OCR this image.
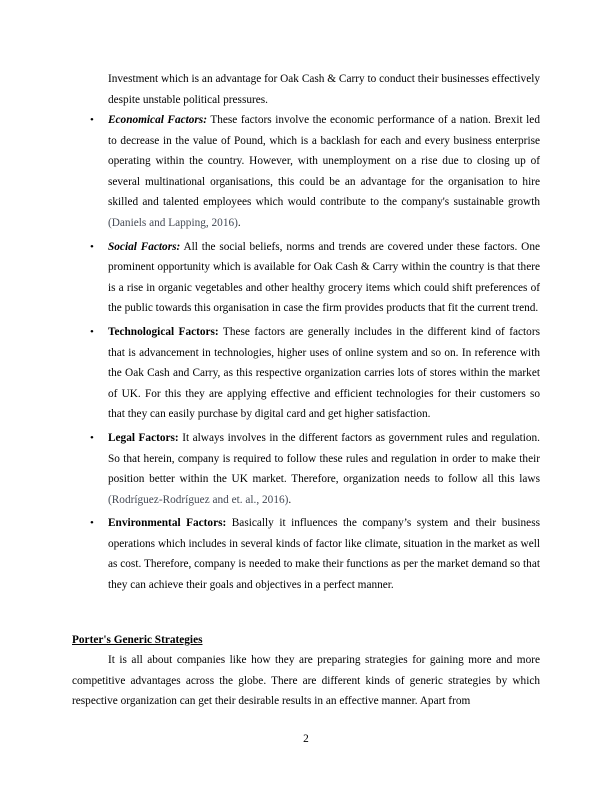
Investment which is an advantage for Oak Cash & Carry to conduct their businesses effectively despite unstable political pressures.

• Economical Factors: These factors involve the economic performance of a nation. Brexit led to decrease in the value of Pound, which is a backlash for each and every business enterprise operating within the country. However, with unemployment on a rise due to closing up of several multinational organisations, this could be an advantage for the organisation to hire skilled and talented employees which would contribute to the company's sustainable growth (Daniels and Lapping, 2016).
• Social Factors: All the social beliefs, norms and trends are covered under these factors. One prominent opportunity which is available for Oak Cash & Carry within the country is that there is a rise in organic vegetables and other healthy grocery items which could shift preferences of the public towards this organisation in case the firm provides products that fit the current trend.
• Technological Factors: These factors are generally includes in the different kind of factors that is advancement in technologies, higher uses of online system and so on. In reference with the Oak Cash and Carry, as this respective organization carries lots of stores within the market of UK. For this they are applying effective and efficient technologies for their customers so that they can easily purchase by digital card and get higher satisfaction.
• Legal Factors: It always involves in the different factors as government rules and regulation. So that herein, company is required to follow these rules and regulation in order to make their position better within the UK market. Therefore, organization needs to follow all this laws (Rodríguez-Rodríguez and et. al., 2016).
• Environmental Factors: Basically it influences the company’s system and their business operations which includes in several kinds of factor like climate, situation in the market as well as cost. Therefore, company is needed to make their functions as per the market demand so that they can achieve their goals and objectives in a perfect manner.

Porter's Generic Strategies

It is all about companies like how they are preparing strategies for gaining more and more competitive advantages across the globe. There are different kinds of generic strategies by which respective organization can get their desirable results in an effective manner. Apart from

2
